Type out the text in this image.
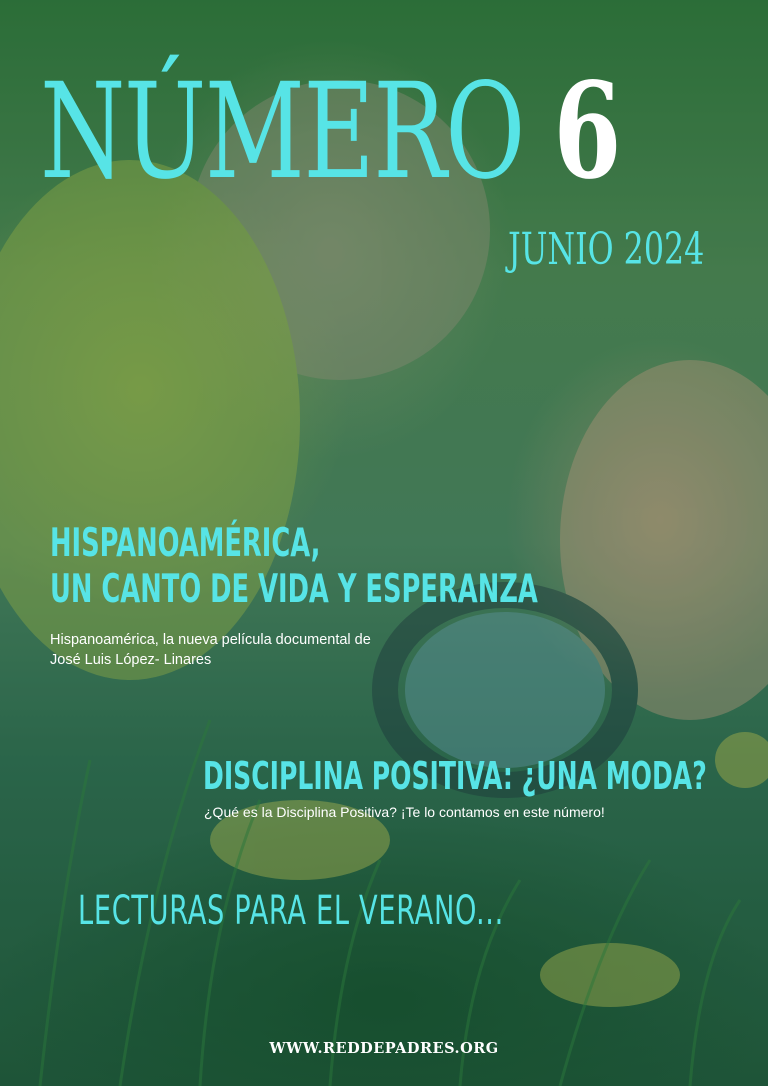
NÚMERO 6
JUNIO 2024
HISPANOAMÉRICA,
UN CANTO DE VIDA Y ESPERANZA

Hispanoamérica, la nueva película documental de

José Luis López- Linares

DISCIPLINA POSITIVA: ¿UNA MODA?

¿Qué es la Disciplina Positiva? ¡Te lo contamos en este número!

LECTURAS PARA EL VERANO...
WWW.REDDEPADRES.ORG
